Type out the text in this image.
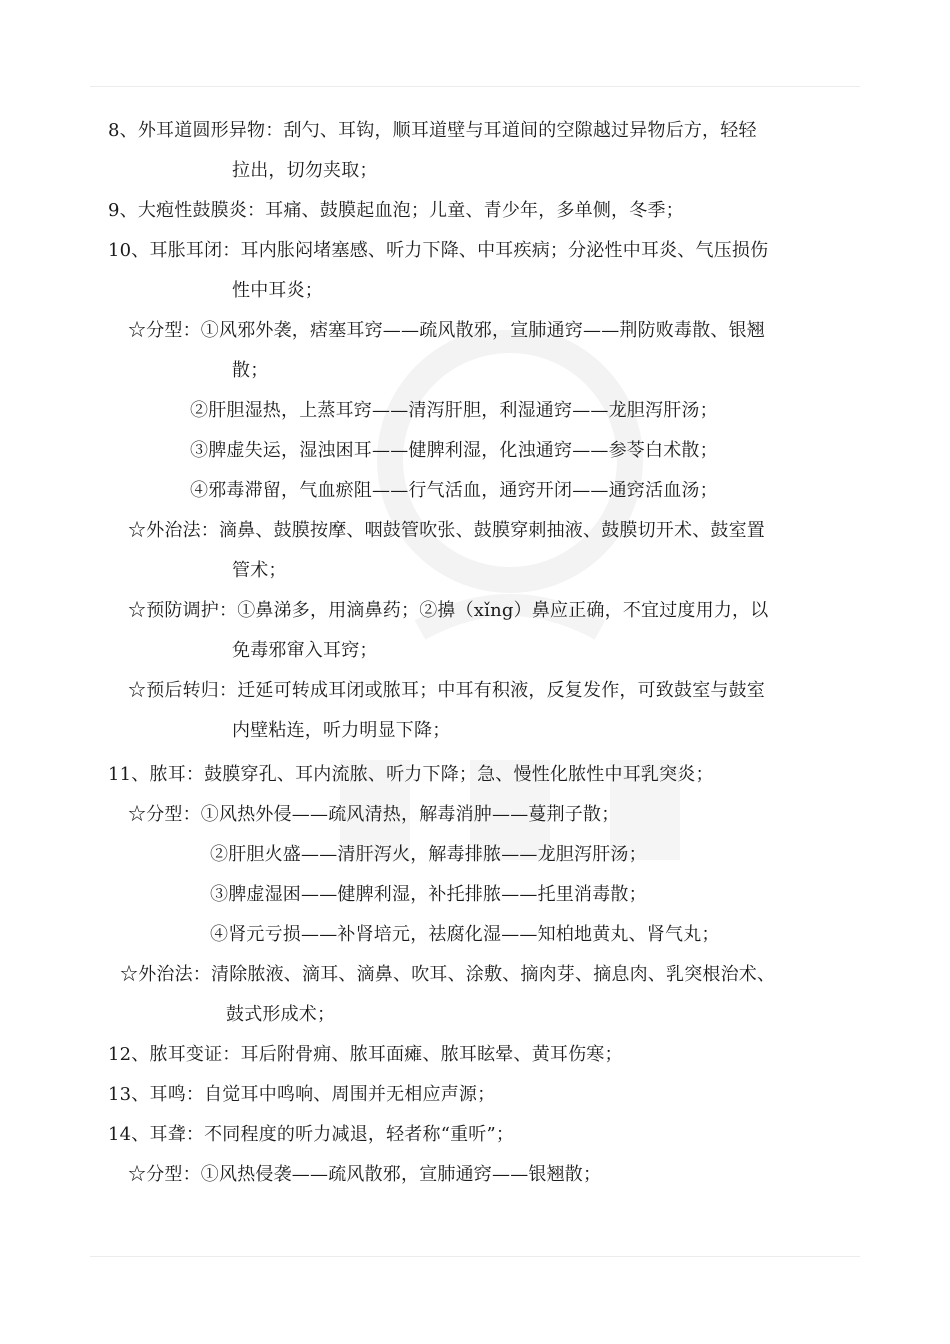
8、外耳道圆形异物：刮勺、耳钩，顺耳道壁与耳道间的空隙越过异物后方，轻轻
拉出，切勿夹取；
9、大疱性鼓膜炎：耳痛、鼓膜起血泡；儿童、青少年，多单侧，冬季；
10、耳胀耳闭：耳内胀闷堵塞感、听力下降、中耳疾病；分泌性中耳炎、气压损伤
性中耳炎；
☆分型：①风邪外袭，痞塞耳窍——疏风散邪，宣肺通窍——荆防败毒散、银翘
散；
②肝胆湿热，上蒸耳窍——清泻肝胆，利湿通窍——龙胆泻肝汤；
③脾虚失运，湿浊困耳——健脾利湿，化浊通窍——参苓白术散；
④邪毒滞留，气血瘀阻——行气活血，通窍开闭——通窍活血汤；
☆外治法：滴鼻、鼓膜按摩、咽鼓管吹张、鼓膜穿刺抽液、鼓膜切开术、鼓室置
管术；
☆预防调护：①鼻涕多，用滴鼻药；②擤（xǐng）鼻应正确，不宜过度用力，以
免毒邪窜入耳窍；
☆预后转归：迁延可转成耳闭或脓耳；中耳有积液，反复发作，可致鼓室与鼓室
内壁粘连，听力明显下降；
11、脓耳：鼓膜穿孔、耳内流脓、听力下降；急、慢性化脓性中耳乳突炎；
☆分型：①风热外侵——疏风清热，解毒消肿——蔓荆子散；
②肝胆火盛——清肝泻火，解毒排脓——龙胆泻肝汤；
③脾虚湿困——健脾利湿，补托排脓——托里消毒散；
④肾元亏损——补肾培元，祛腐化湿——知柏地黄丸、肾气丸；
☆外治法：清除脓液、滴耳、滴鼻、吹耳、涂敷、摘肉芽、摘息肉、乳突根治术、
鼓式形成术；
12、脓耳变证：耳后附骨痈、脓耳面瘫、脓耳眩晕、黄耳伤寒；
13、耳鸣：自觉耳中鸣响、周围并无相应声源；
14、耳聋：不同程度的听力减退，轻者称“重听”；
☆分型：①风热侵袭——疏风散邪，宣肺通窍——银翘散；
